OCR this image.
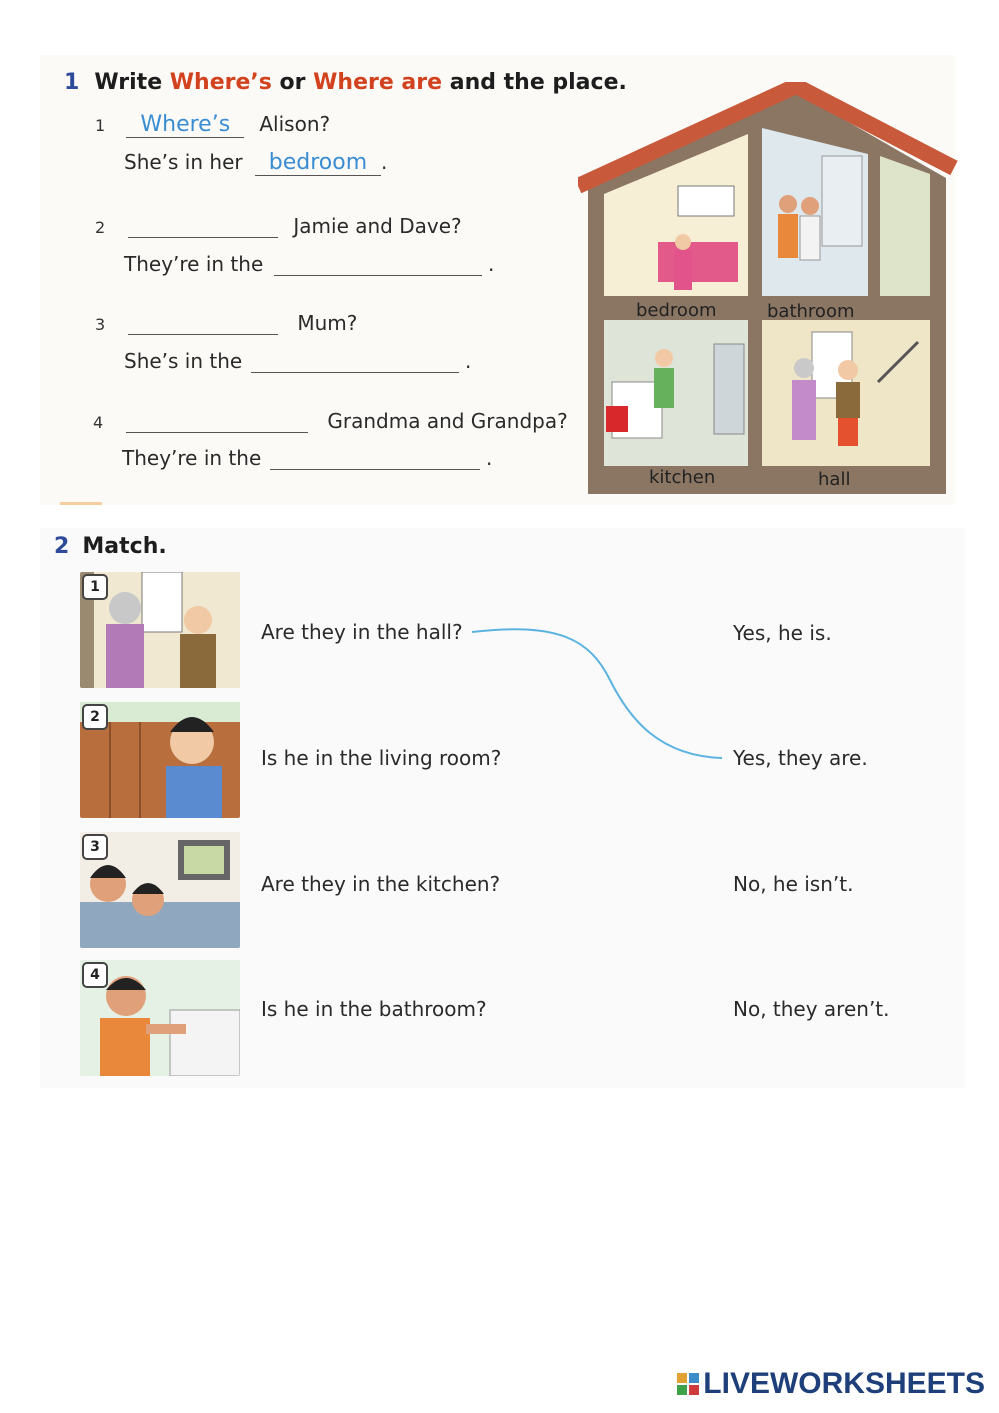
1 Write Where’s or Where are and the place.
1 Where’s Alison?
She’s in her bedroom .
2	Jamie and Dave?
They’re in the	.
3	Mum?
She’s in the	.
4	Grandma and Grandpa?
They’re in the	.
bedroom	bathroom
kitchen	hall
2 Match.
1
2
3
4
Are they in the hall?
Is he in the living room?
Are they in the kitchen?
Is he in the bathroom?
Yes, he is.
Yes, they are.
No, he isn’t.
No, they aren’t.
LIVEWORKSHEETS
